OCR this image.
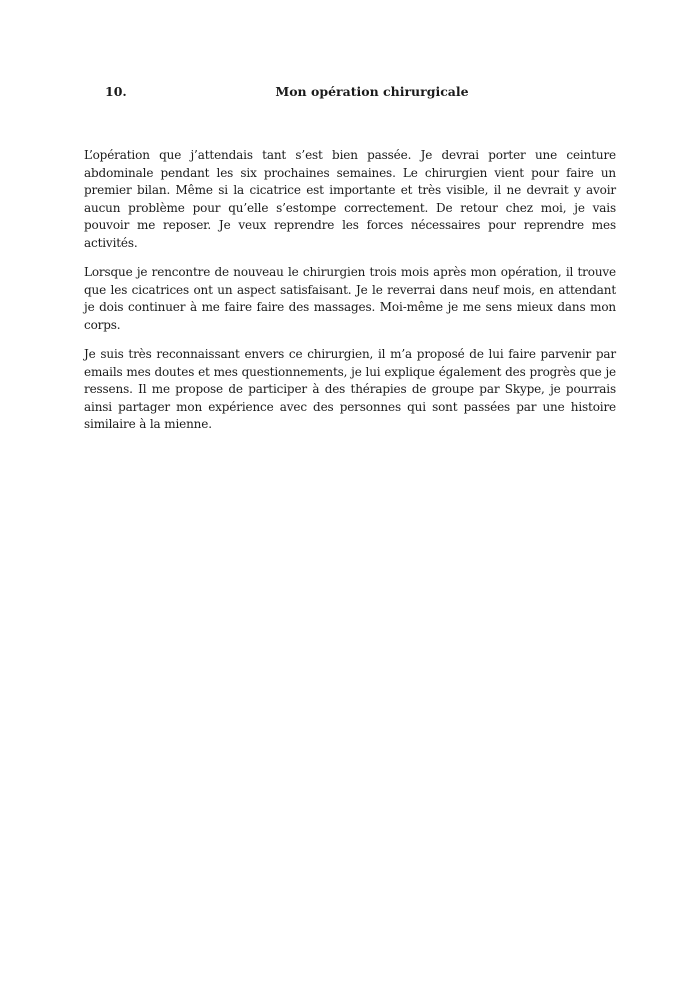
10.	Mon opération chirurgicale

L’opération que j’attendais tant s’est bien passée. Je devrai porter une ceinture abdominale pendant les six prochaines semaines. Le chirurgien vient pour faire un premier bilan. Même si la cicatrice est importante et très visible, il ne devrait y avoir aucun problème pour qu’elle s’estompe correctement. De retour chez moi, je vais pouvoir me reposer. Je veux reprendre les forces nécessaires pour reprendre mes activités.

Lorsque je rencontre de nouveau le chirurgien trois mois après mon opération, il trouve que les cicatrices ont un aspect satisfaisant. Je le reverrai dans neuf mois, en attendant je dois continuer à me faire faire des massages. Moi-même je me sens mieux dans mon corps.

Je suis très reconnaissant envers ce chirurgien, il m’a proposé de lui faire parvenir par emails mes doutes et mes questionnements, je lui explique également des progrès que je ressens. Il me propose de participer à des thérapies de groupe par Skype, je pourrais ainsi partager mon expérience avec des personnes qui sont passées par une histoire similaire à la mienne.
